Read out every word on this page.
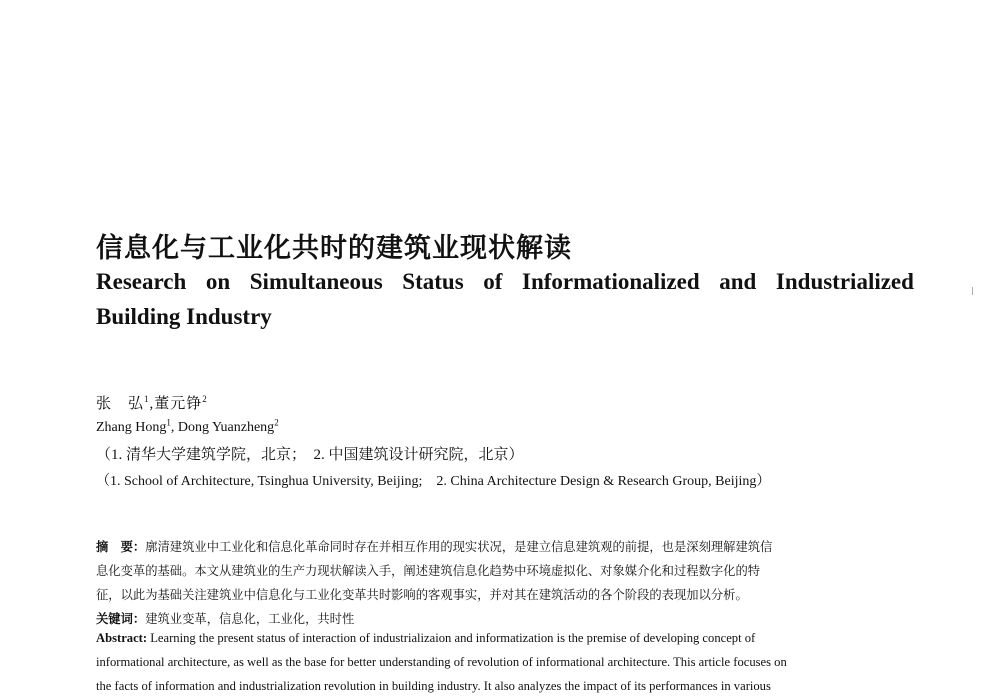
信息化与工业化共时的建筑业现状解读
Research on Simultaneous Status of Informationalized and Industrialized
Building Industry
张　弘$^1$,董元铮$^2$
Zhang Hong$^1$, Dong Yuanzheng$^2$
（1. 清华大学建筑学院，北京；　2. 中国建筑设计研究院，北京）
（1. School of Architecture, Tsinghua University, Beijing;　2. China Architecture Design & Research Group, Beijing）
摘　要：廓清建筑业中工业化和信息化革命同时存在并相互作用的现实状况，是建立信息建筑观的前提，也是深刻理解建筑信
息化变革的基础。本文从建筑业的生产力现状解读入手，阐述建筑信息化趋势中环境虚拟化、对象媒介化和过程数字化的特
征，以此为基础关注建筑业中信息化与工业化变革共时影响的客观事实，并对其在建筑活动的各个阶段的表现加以分析。
关键词：建筑业变革，信息化，工业化，共时性
Abstract: Learning the present status of interaction of industrializaion and informatization is the premise of developing concept of
informational architecture, as well as the base for better understanding of revolution of informational architecture. This article focuses on
the facts of information and industrialization revolution in building industry. It also analyzes the impact of its performances in various
